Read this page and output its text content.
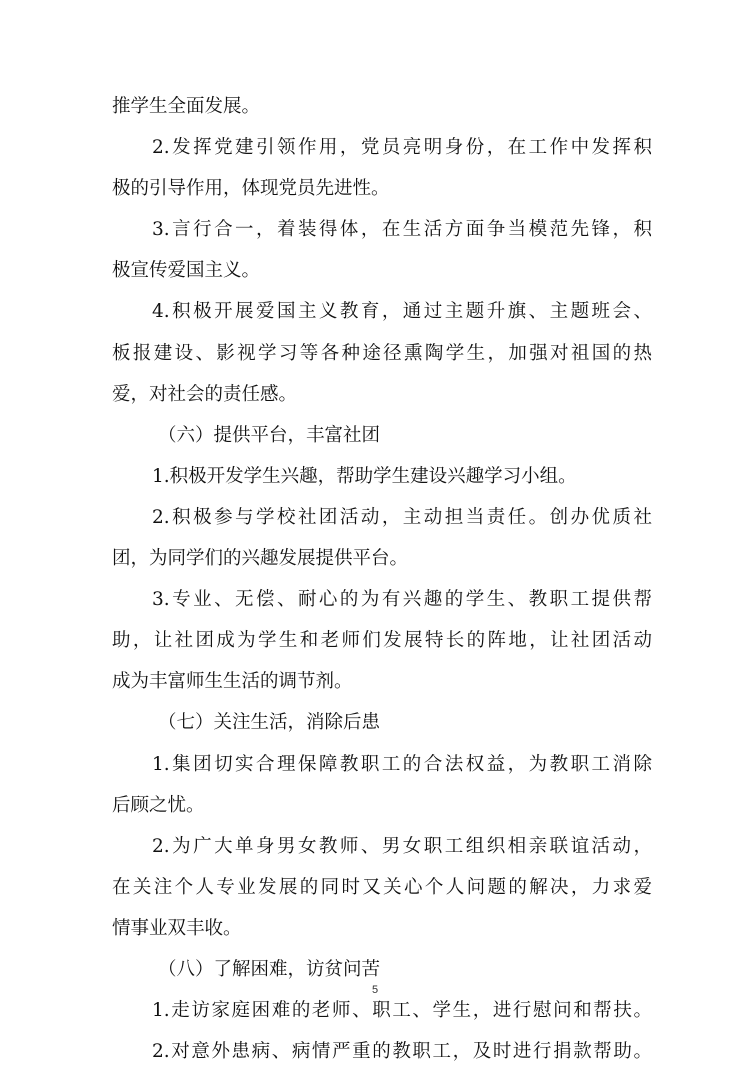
推学生全面发展。
2.发挥党建引领作用，党员亮明身份，在工作中发挥积
极的引导作用，体现党员先进性。
3.言行合一，着装得体，在生活方面争当模范先锋，积
极宣传爱国主义。
4.积极开展爱国主义教育，通过主题升旗、主题班会、
板报建设、影视学习等各种途径熏陶学生，加强对祖国的热
爱，对社会的责任感。
（六）提供平台，丰富社团
1.积极开发学生兴趣，帮助学生建设兴趣学习小组。
2.积极参与学校社团活动，主动担当责任。创办优质社
团，为同学们的兴趣发展提供平台。
3.专业、无偿、耐心的为有兴趣的学生、教职工提供帮
助，让社团成为学生和老师们发展特长的阵地，让社团活动
成为丰富师生生活的调节剂。
（七）关注生活，消除后患
1.集团切实合理保障教职工的合法权益，为教职工消除
后顾之忧。
2.为广大单身男女教师、男女职工组织相亲联谊活动，
在关注个人专业发展的同时又关心个人问题的解决，力求爱
情事业双丰收。
（八）了解困难，访贫问苦
1.走访家庭困难的老师、职工、学生，进行慰问和帮扶。
2.对意外患病、病情严重的教职工，及时进行捐款帮助。
5
